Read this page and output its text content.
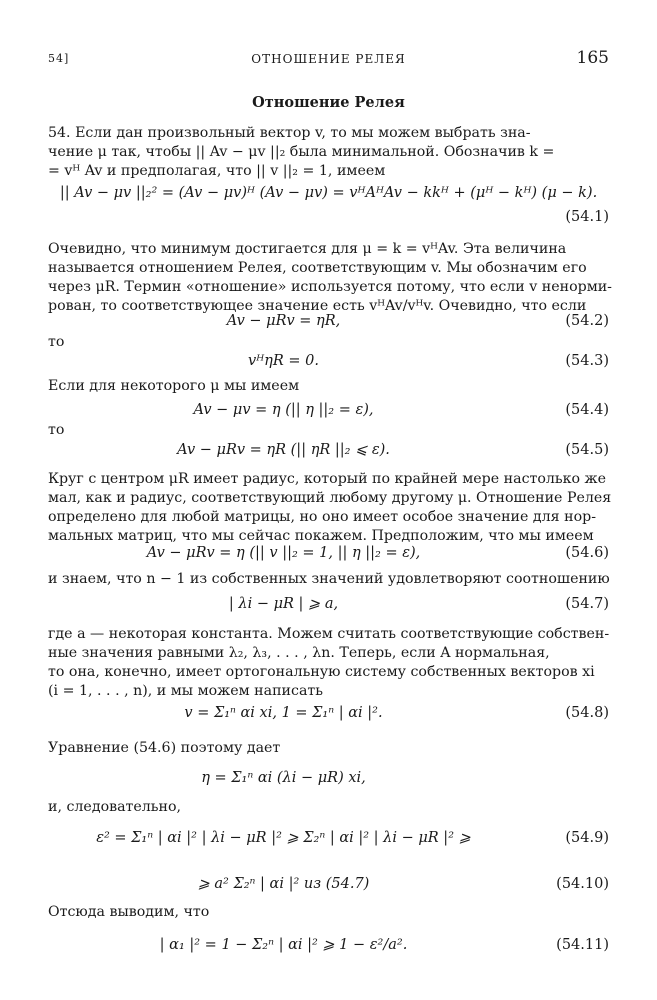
54]	ОТНОШЕНИЕ РЕЛЕЯ	165
Отношение Релея
54. Если дан произвольный вектор v, то мы можем выбрать зна-
чение μ так, чтобы || Av − μv ||₂ была минимальной. Обозначив k =
= vᴴ Av и предполагая, что || v ||₂ = 1, имеем
|| Av − μv ||₂² = (Av − μv)ᴴ (Av − μv) = vᴴAᴴAv − kkᴴ + (μᴴ − kᴴ) (μ − k).
(54.1)
Очевидно, что минимум достигается для μ = k = vᴴAv. Эта величина
называется отношением Релея, соответствующим v. Мы обозначим его
через μR. Термин «отношение» используется потому, что если v ненорми-
рован, то соответствующее значение есть vᴴAv/vᴴv. Очевидно, что если
Av − μRv = ηR,	(54.2)
то
vᴴηR = 0.	(54.3)
Если для некоторого μ мы имеем
Av − μv = η (|| η ||₂ = ε),	(54.4)
то
Av − μRv = ηR (|| ηR ||₂ ⩽ ε).	(54.5)
Круг с центром μR имеет радиус, который по крайней мере настолько же
мал, как и радиус, соответствующий любому другому μ. Отношение Релея
определено для любой матрицы, но оно имеет особое значение для нор-
мальных матриц, что мы сейчас покажем. Предположим, что мы имеем
Av − μRv = η (|| v ||₂ = 1, || η ||₂ = ε),	(54.6)
и знаем, что n − 1 из собственных значений удовлетворяют соотношению
| λi − μR | ⩾ a,	(54.7)
где a — некоторая константа. Можем считать соответствующие собствен-
ные значения равными λ₂, λ₃, . . . , λn. Теперь, если A нормальная,
то она, конечно, имеет ортогональную систему собственных векторов xi
(i = 1, . . . , n), и мы можем написать
v = Σ₁ⁿ αi xi, 1 = Σ₁ⁿ | αi |².	(54.8)
Уравнение (54.6) поэтому дает
η = Σ₁ⁿ αi (λi − μR) xi,
и, следовательно,
ε² = Σ₁ⁿ | αi |² | λi − μR |² ⩾ Σ₂ⁿ | αi |² | λi − μR |² ⩾	(54.9)
⩾ a² Σ₂ⁿ | αi |² из (54.7)	(54.10)
Отсюда выводим, что
| α₁ |² = 1 − Σ₂ⁿ | αi |² ⩾ 1 − ε²/a².	(54.11)
